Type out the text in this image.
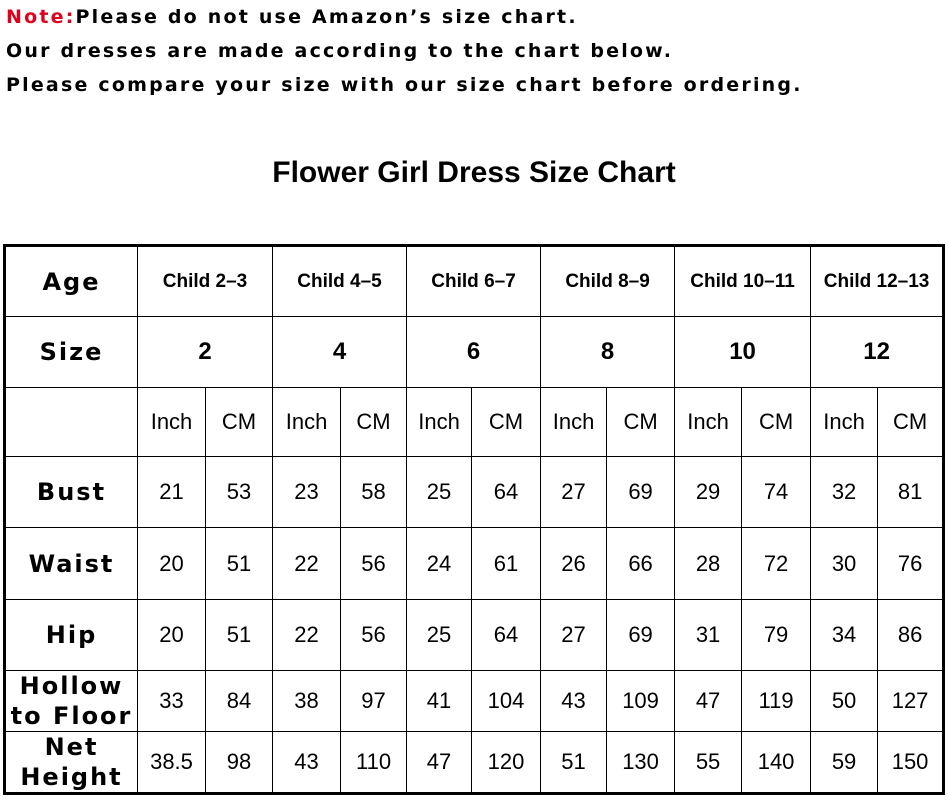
Note:Please do not use Amazon’s size chart.
Our dresses are made according to the chart below.
Please compare your size with our size chart before ordering.
Flower Girl Dress Size Chart
Age	Child 2–3		Child 4–5		Child 6–7		Child 8–9		Child 10–11		Child 12–13	
Size	2		4		6		8		10		12	
	Inch	CM	Inch	CM	Inch	CM	Inch	CM	Inch	CM	Inch	CM

Bust	21	53	23	58	25	64	27	69	29	74	32	81

Waist	20	51	22	56	24	61	26	66	28	72	30	76

Hip	20	51	22	56	25	64	27	69	31	79	34	86

Hollow
to Floor	33	84	38	97	41	104	43	109	47	119	50	127

Net
Height	38.5	98	43	110	47	120	51	130	55	140	59	150
